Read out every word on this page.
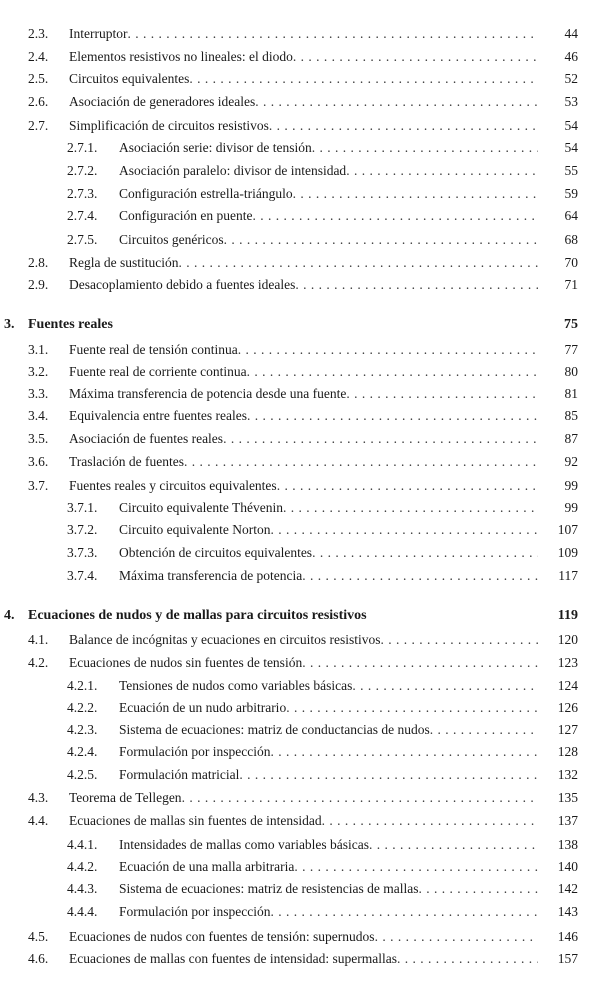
2.3. Interruptor . . .	44
2.4. Elementos resistivos no lineales: el diodo . . .	46
2.5. Circuitos equivalentes . . .	52
2.6. Asociación de generadores ideales . . .	53
2.7. Simplificación de circuitos resistivos . . .	54
2.7.1. Asociación serie: divisor de tensión . . .	54
2.7.2. Asociación paralelo: divisor de intensidad . . .	55
2.7.3. Configuración estrella-triángulo . . .	59
2.7.4. Configuración en puente . . .	64
2.7.5. Circuitos genéricos . . .	68
2.8. Regla de sustitución . . .	70
2.9. Desacoplamiento debido a fuentes ideales . . .	71
3. Fuentes reales	75
3.1. Fuente real de tensión continua . . .	77
3.2. Fuente real de corriente continua . . .	80
3.3. Máxima transferencia de potencia desde una fuente . . .	81
3.4. Equivalencia entre fuentes reales . . .	85
3.5. Asociación de fuentes reales . . .	87
3.6. Traslación de fuentes . . .	92
3.7. Fuentes reales y circuitos equivalentes . . .	99
3.7.1. Circuito equivalente Thévenin . . .	99
3.7.2. Circuito equivalente Norton . . .	107
3.7.3. Obtención de circuitos equivalentes . . .	109
3.7.4. Máxima transferencia de potencia . . .	117
4. Ecuaciones de nudos y de mallas para circuitos resistivos	119
4.1. Balance de incógnitas y ecuaciones en circuitos resistivos . . .	120
4.2. Ecuaciones de nudos sin fuentes de tensión . . .	123
4.2.1. Tensiones de nudos como variables básicas . . .	124
4.2.2. Ecuación de un nudo arbitrario . . .	126
4.2.3. Sistema de ecuaciones: matriz de conductancias de nudos . . .	127
4.2.4. Formulación por inspección . . .	128
4.2.5. Formulación matricial . . .	132
4.3. Teorema de Tellegen . . .	135
4.4. Ecuaciones de mallas sin fuentes de intensidad . . .	137
4.4.1. Intensidades de mallas como variables básicas . . .	138
4.4.2. Ecuación de una malla arbitraria . . .	140
4.4.3. Sistema de ecuaciones: matriz de resistencias de mallas . . .	142
4.4.4. Formulación por inspección . . .	143
4.5. Ecuaciones de nudos con fuentes de tensión: supernudos . . .	146
4.6. Ecuaciones de mallas con fuentes de intensidad: supermallas . . .	157
